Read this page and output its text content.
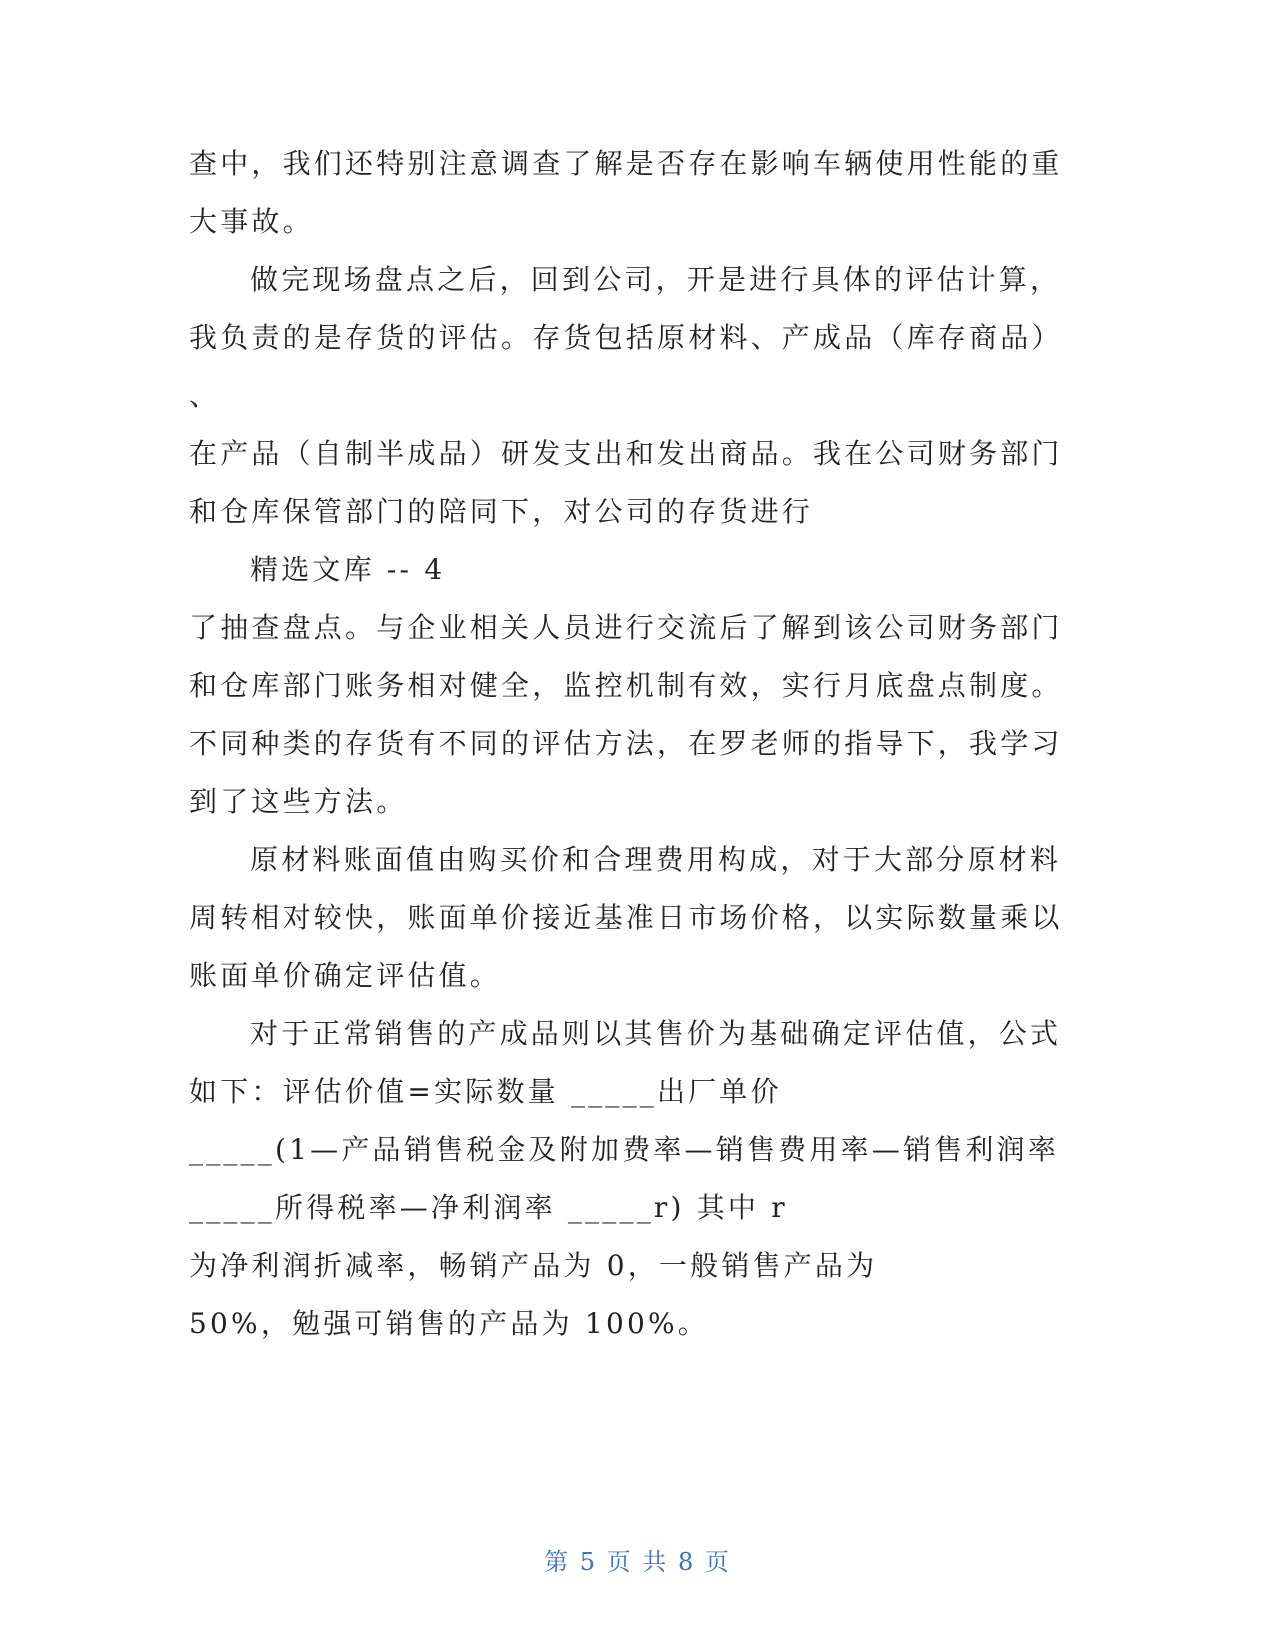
查中，我们还特别注意调查了解是否存在影响车辆使用性能的重
大事故。
做完现场盘点之后，回到公司，开是进行具体的评估计算，
我负责的是存货的评估。存货包括原材料、产成品（库存商品）
、
在产品（自制半成品）研发支出和发出商品。我在公司财务部门
和仓库保管部门的陪同下，对公司的存货进行
精选文库 -- 4
了抽查盘点。与企业相关人员进行交流后了解到该公司财务部门
和仓库部门账务相对健全，监控机制有效，实行月底盘点制度。
不同种类的存货有不同的评估方法，在罗老师的指导下，我学习
到了这些方法。
原材料账面值由购买价和合理费用构成，对于大部分原材料
周转相对较快，账面单价接近基准日市场价格，以实际数量乘以
账面单价确定评估值。
对于正常销售的产成品则以其售价为基础确定评估值，公式
如下：评估价值=实际数量 _____出厂单价
_____(1—产品销售税金及附加费率—销售费用率—销售利润率
_____所得税率—净利润率 _____r) 其中 r
为净利润折减率，畅销产品为 0，一般销售产品为
50%，勉强可销售的产品为 100%。
第 5 页 共 8 页
